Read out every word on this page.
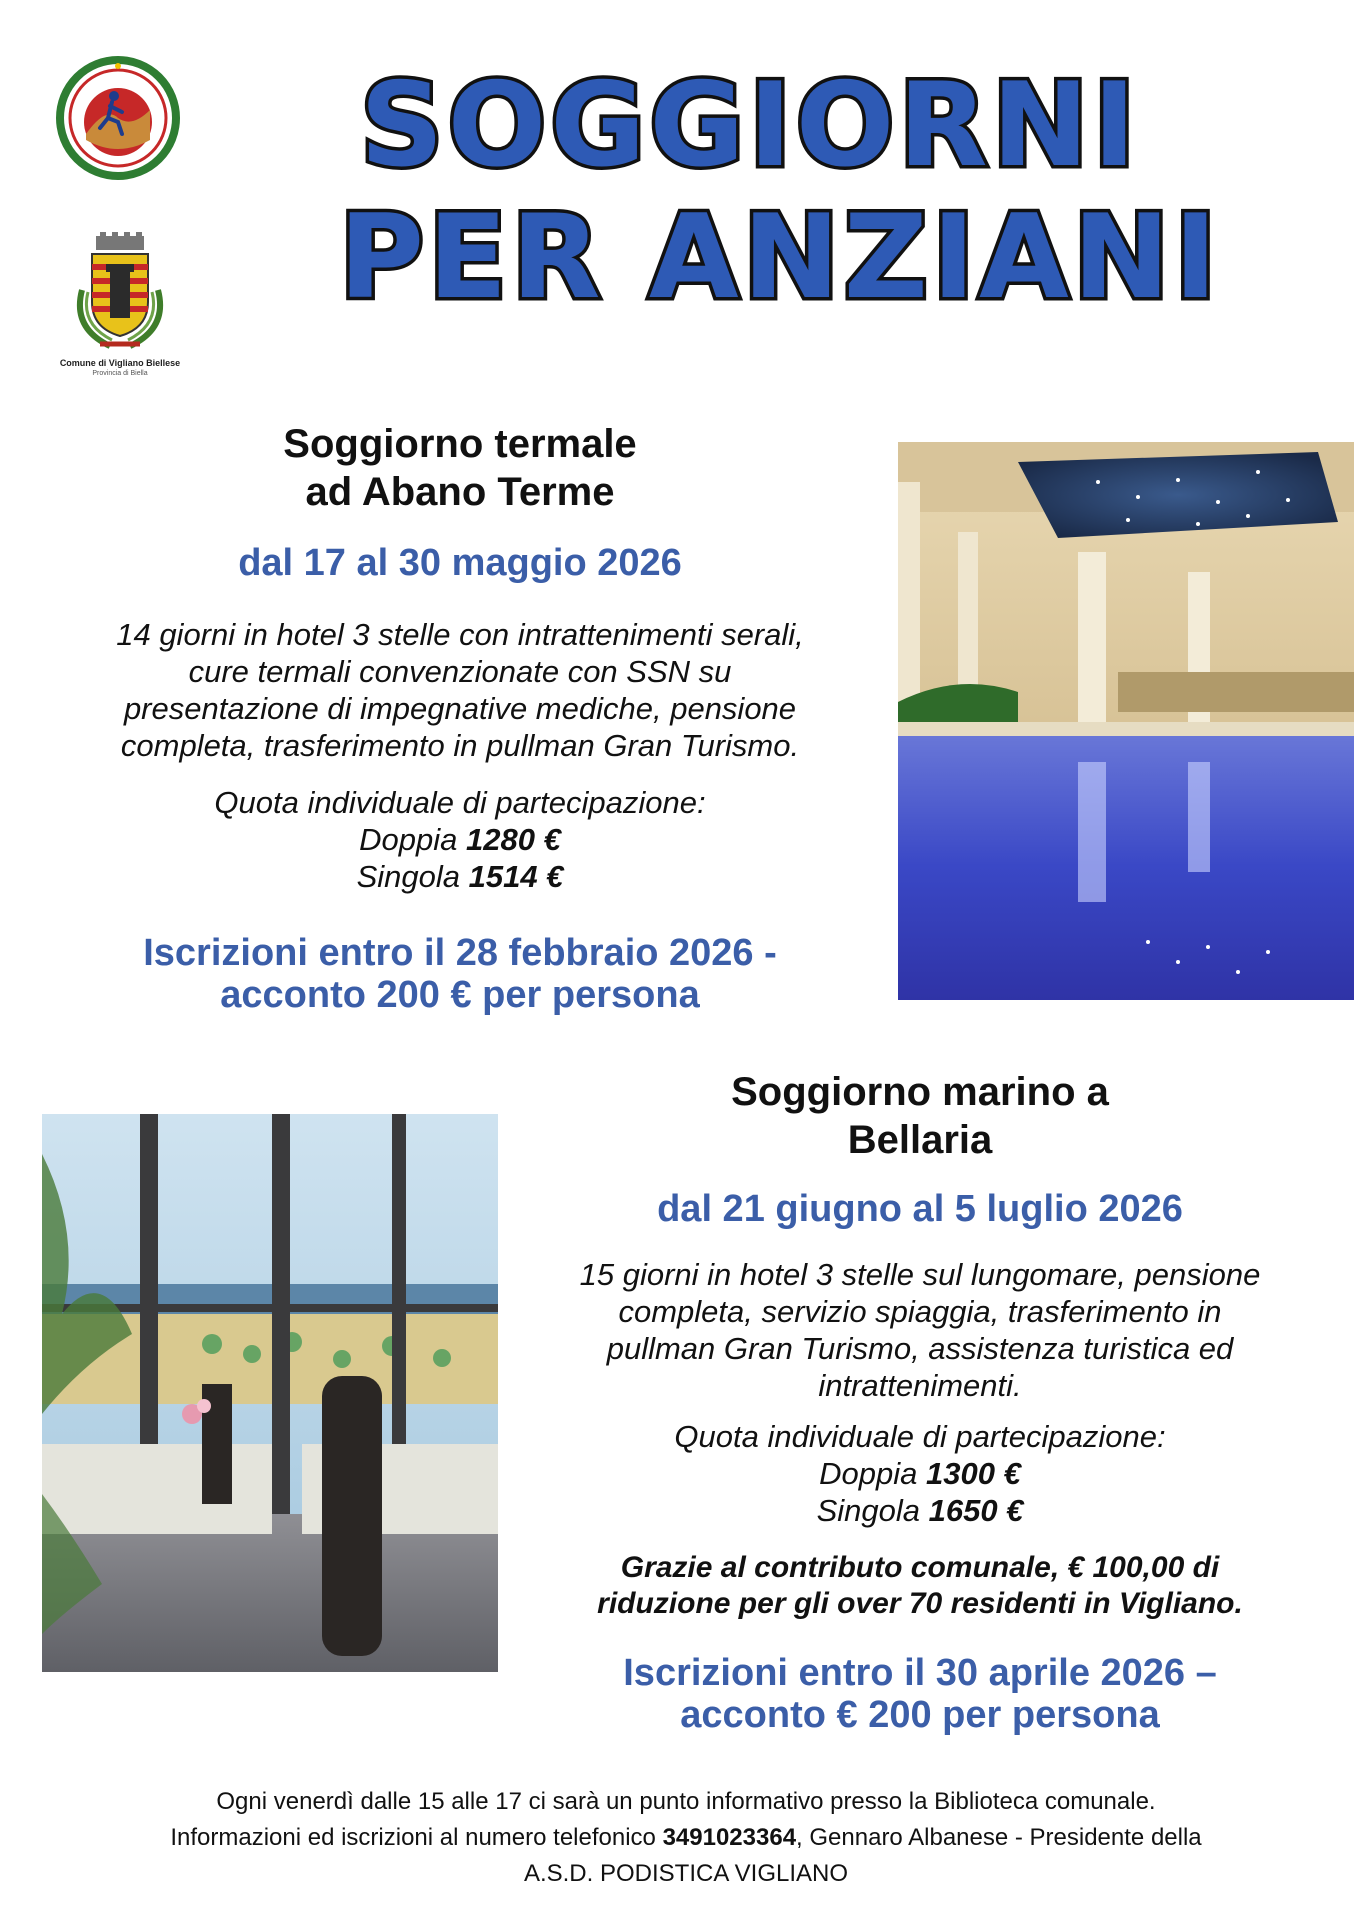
Comune di Vigliano Biellese
Provincia di Biella
SOGGIORNI
PER ANZIANI
Soggiorno termale
ad Abano Terme
dal 17 al 30 maggio 2026
14 giorni in hotel 3 stelle con intrattenimenti serali,
cure termali convenzionate con SSN su
presentazione di impegnative mediche, pensione
completa, trasferimento in pullman Gran Turismo.
Quota individuale di partecipazione:
Doppia 1280 €
Singola 1514 €
Iscrizioni entro il 28 febbraio 2026 -
acconto 200 € per persona
Soggiorno marino a
Bellaria
dal 21 giugno al 5 luglio 2026
15 giorni in hotel 3 stelle sul lungomare, pensione
completa, servizio spiaggia, trasferimento in
pullman Gran Turismo, assistenza turistica ed
intrattenimenti.
Quota individuale di partecipazione:
Doppia 1300 €
Singola 1650 €
Grazie al contributo comunale, € 100,00 di
riduzione per gli over 70 residenti in Vigliano.
Iscrizioni entro il 30 aprile 2026 –
acconto € 200 per persona
Ogni venerdì dalle 15 alle 17 ci sarà un punto informativo presso la Biblioteca comunale.
Informazioni ed iscrizioni al numero telefonico 3491023364, Gennaro Albanese - Presidente della
A.S.D. PODISTICA VIGLIANO
